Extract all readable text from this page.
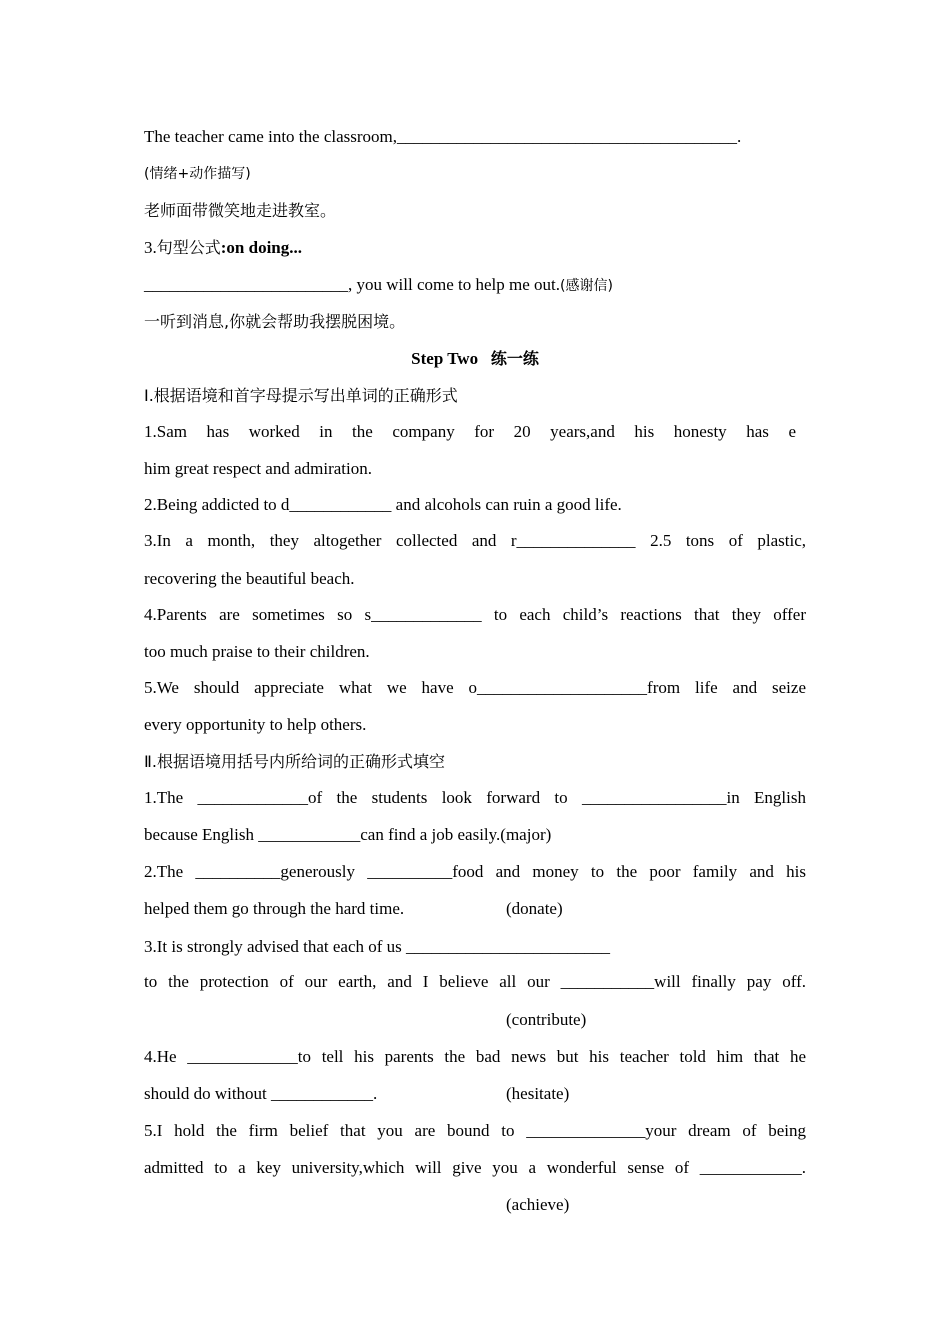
The teacher came into the classroom,________________________________________.
(情绪+动作描写)
老师面带微笑地走进教室。
3.句型公式:on doing...
________________________, you will come to help me out.(感谢信)
一听到消息,你就会帮助我摆脱困境。
Step Two 练一练
Ⅰ.根据语境和首字母提示写出单词的正确形式
1.Sam has worked in the company for 20 years,and his honesty has e
him great respect and admiration.
2.Being addicted to d____________ and alcohols can ruin a good life.
3.In a month, they altogether collected and r______________ 2.5 tons of plastic,
recovering the beautiful beach.
4.Parents are sometimes so s_____________ to each child’s reactions that they offer
too much praise to their children.
5.We should appreciate what we have o____________________from life and seize
every opportunity to help others.
Ⅱ.根据语境用括号内所给词的正确形式填空
1.The _____________of the students look forward to _________________in English
because English ____________can find a job easily.(major)
2.The __________generously __________food and money to the poor family and his
helped them go through the hard time.	(donate)
3.It is strongly advised that each of us ________________________
to the protection of our earth, and I believe all our ___________will finally pay off.
(contribute)
4.He _____________to tell his parents the bad news but his teacher told him that he
should do without ____________.	(hesitate)
5.I hold the firm belief that you are bound to ______________your dream of being
admitted to a key university,which will give you a wonderful sense of ____________.
(achieve)
